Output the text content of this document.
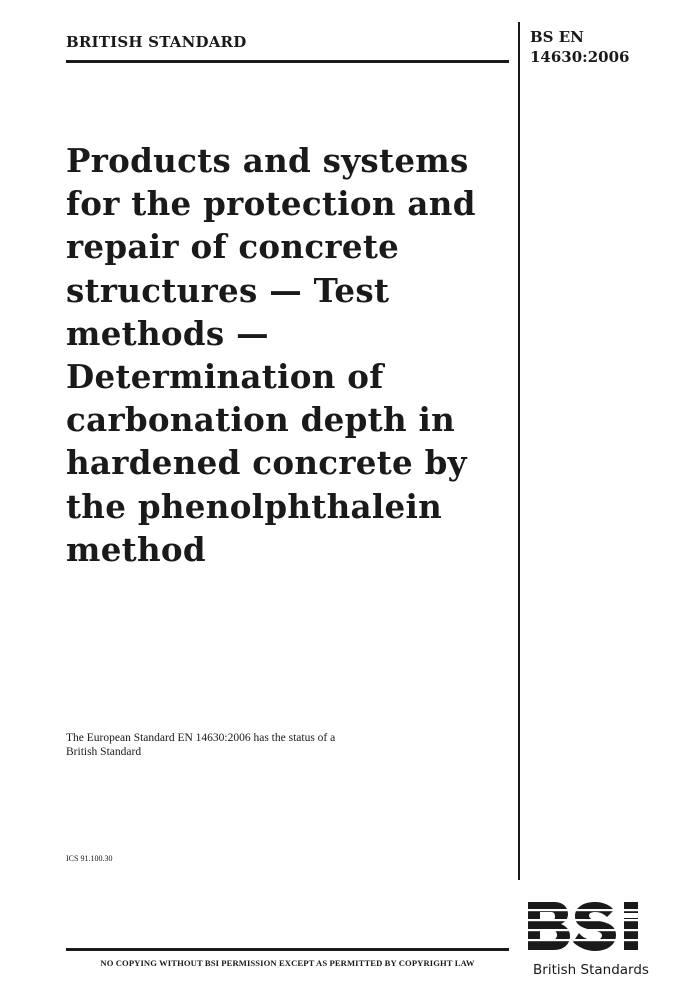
BRITISH STANDARD	BS EN
14630:2006
Products and systems
for the protection and
repair of concrete
structures — Test
methods —
Determination of
carbonation depth in
hardened concrete by
the phenolphthalein
method
The European Standard EN 14630:2006 has the status of a
British Standard
ICS 91.100.30
NO COPYING WITHOUT BSI PERMISSION EXCEPT AS PERMITTED BY COPYRIGHT LAW	British Standards
